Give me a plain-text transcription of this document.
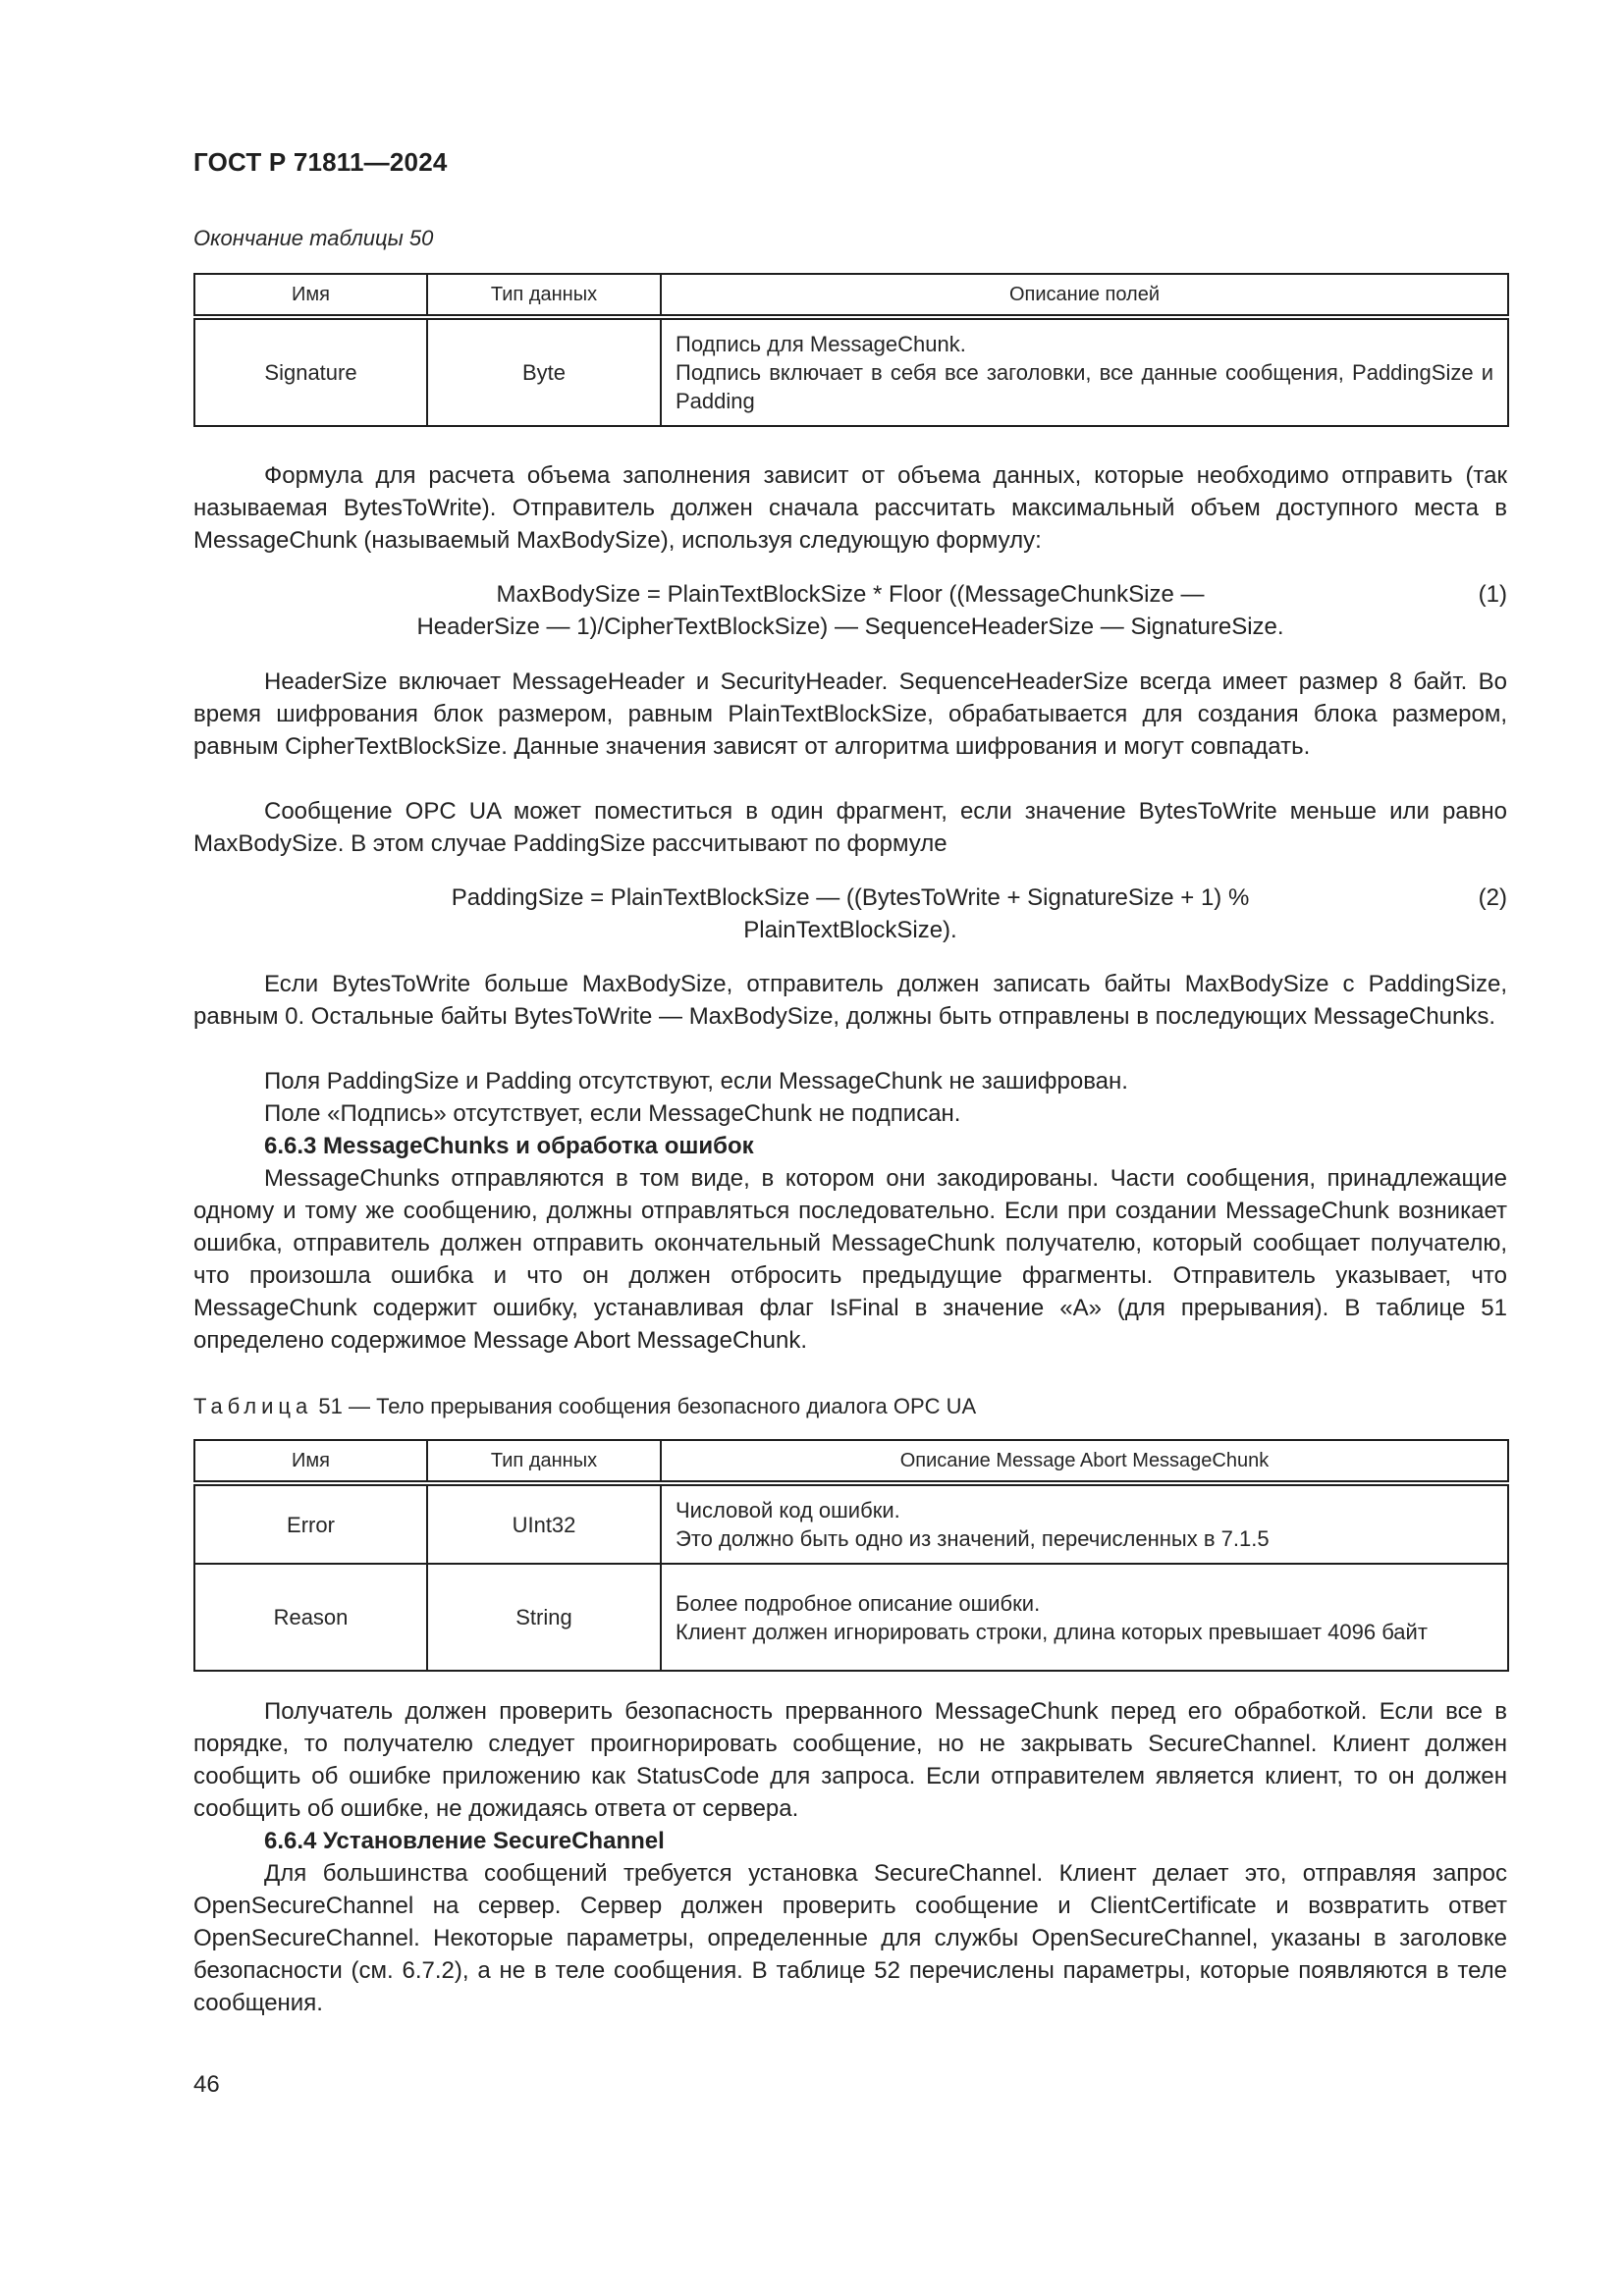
ГОСТ Р 71811—2024
Окончание таблицы 50
Имя	Тип данных	Описание полей
Signature	Byte	Подпись для MessageChunk.
Подпись включает в себя все заголовки, все данные сообщения, PaddingSize и Padding

Формула для расчета объема заполнения зависит от объема данных, которые необходимо отправить (так называемая BytesToWrite). Отправитель должен сначала рассчитать максимальный объем доступного места в MessageChunk (называемый MaxBodySize), используя следующую формулу:

MaxBodySize = PlainTextBlockSize * Floor ((MessageChunkSize —
HeaderSize — 1)/CipherTextBlockSize) — SequenceHeaderSize — SignatureSize.
(1)

HeaderSize включает MessageHeader и SecurityHeader. SequenceHeaderSize всегда имеет размер 8 байт. Во время шифрования блок размером, равным PlainTextBlockSize, обрабатывается для создания блока размером, равным CipherTextBlockSize. Данные значения зависят от алгоритма шифрования и могут совпадать.

Сообщение OPC UA может поместиться в один фрагмент, если значение BytesToWrite меньше или равно MaxBodySize. В этом случае PaddingSize рассчитывают по формуле

PaddingSize = PlainTextBlockSize — ((BytesToWrite + SignatureSize + 1) %
PlainTextBlockSize).
(2)

Если BytesToWrite больше MaxBodySize, отправитель должен записать байты MaxBodySize с PaddingSize, равным 0. Остальные байты BytesToWrite — MaxBodySize, должны быть отправлены в последующих MessageChunks.

Поля PaddingSize и Padding отсутствуют, если MessageChunk не зашифрован.

Поле «Подпись» отсутствует, если MessageChunk не подписан.

6.6.3 MessageChunks и обработка ошибок

MessageChunks отправляются в том виде, в котором они закодированы. Части сообщения, принадлежащие одному и тому же сообщению, должны отправляться последовательно. Если при создании MessageChunk возникает ошибка, отправитель должен отправить окончательный MessageChunk получателю, который сообщает получателю, что произошла ошибка и что он должен отбросить предыдущие фрагменты. Отправитель указывает, что MessageChunk содержит ошибку, устанавливая флаг IsFinal в значение «A» (для прерывания). В таблице 51 определено содержимое Message Abort MessageChunk.

Таблица 51 — Тело прерывания сообщения безопасного диалога OPC UA
Имя	Тип данных	Описание Message Abort MessageChunk
Error	UInt32	Числовой код ошибки.
Это должно быть одно из значений, перечисленных в 7.1.5

Reason	String	Более подробное описание ошибки.
Клиент должен игнорировать строки, длина которых превышает 4096 байт

Получатель должен проверить безопасность прерванного MessageChunk перед его обработкой. Если все в порядке, то получателю следует проигнорировать сообщение, но не закрывать SecureChannel. Клиент должен сообщить об ошибке приложению как StatusCode для запроса. Если отправителем является клиент, то он должен сообщить об ошибке, не дожидаясь ответа от сервера.

6.6.4 Установление SecureChannel

Для большинства сообщений требуется установка SecureChannel. Клиент делает это, отправляя запрос OpenSecureChannel на сервер. Сервер должен проверить сообщение и ClientCertificate и возвратить ответ OpenSecureChannel. Некоторые параметры, определенные для службы OpenSecureChannel, указаны в заголовке безопасности (см. 6.7.2), а не в теле сообщения. В таблице 52 перечислены параметры, которые появляются в теле сообщения.

46
